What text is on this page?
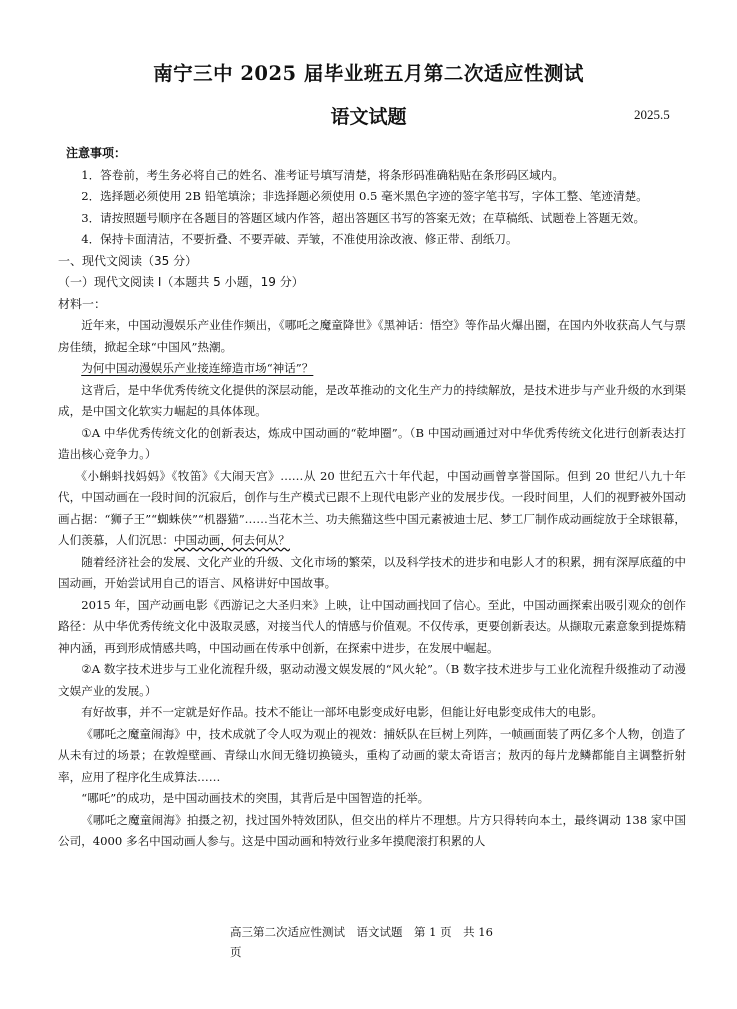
南宁三中 2025 届毕业班五月第二次适应性测试
语文试题	2025.5

注意事项：

1．答卷前，考生务必将自己的姓名、准考证号填写清楚，将条形码准确粘贴在条形码区域内。

2．选择题必须使用 2B 铅笔填涂；非选择题必须使用 0.5 毫米黑色字迹的签字笔书写，字体工整、笔迹清楚。

3．请按照题号顺序在各题目的答题区域内作答，超出答题区书写的答案无效；在草稿纸、试题卷上答题无效。

4．保持卡面清洁，不要折叠、不要弄破、弄皱，不准使用涂改液、修正带、刮纸刀。

一、现代文阅读（35 分）

（一）现代文阅读 I（本题共 5 小题，19 分）

材料一：

近年来，中国动漫娱乐产业佳作频出，《哪吒之魔童降世》《黑神话：悟空》等作品火爆出圈，在国内外收获高人气与票房佳绩，掀起全球“中国风”热潮。

为何中国动漫娱乐产业接连缔造市场“神话”？

这背后，是中华优秀传统文化提供的深层动能，是改革推动的文化生产力的持续解放，是技术进步与产业升级的水到渠成，是中国文化软实力崛起的具体体现。

①A 中华优秀传统文化的创新表达，炼成中国动画的“乾坤圈”。（B 中国动画通过对中华优秀传统文化进行创新表达打造出核心竞争力。）

《小蝌蚪找妈妈》《牧笛》《大闹天宫》……从 20 世纪五六十年代起，中国动画曾享誉国际。但到 20 世纪八九十年代，中国动画在一段时间的沉寂后，创作与生产模式已跟不上现代电影产业的发展步伐。一段时间里，人们的视野被外国动画占据：“狮子王”“蜘蛛侠”“机器猫”……当花木兰、功夫熊猫这些中国元素被迪士尼、梦工厂制作成动画绽放于全球银幕，人们羡慕，人们沉思：中国动画，何去何从？

随着经济社会的发展、文化产业的升级、文化市场的繁荣，以及科学技术的进步和电影人才的积累，拥有深厚底蕴的中国动画，开始尝试用自己的语言、风格讲好中国故事。

2015 年，国产动画电影《西游记之大圣归来》上映，让中国动画找回了信心。至此，中国动画探索出吸引观众的创作路径：从中华优秀传统文化中汲取灵感，对接当代人的情感与价值观。不仅传承，更要创新表达。从撷取元素意象到提炼精神内涵，再到形成情感共鸣，中国动画在传承中创新，在探索中进步，在发展中崛起。

②A 数字技术进步与工业化流程升级，驱动动漫文娱发展的“风火轮”。（B 数字技术进步与工业化流程升级推动了动漫文娱产业的发展。）

有好故事，并不一定就是好作品。技术不能让一部坏电影变成好电影，但能让好电影变成伟大的电影。

《哪吒之魔童闹海》中，技术成就了令人叹为观止的视效：捕妖队在巨树上列阵，一帧画面装了两亿多个人物，创造了从未有过的场景；在敦煌壁画、青绿山水间无缝切换镜头，重构了动画的蒙太奇语言；敖丙的每片龙鳞都能自主调整折射率，应用了程序化生成算法……

“哪吒”的成功，是中国动画技术的突围，其背后是中国智造的托举。

《哪吒之魔童闹海》拍摄之初，找过国外特效团队，但交出的样片不理想。片方只得转向本土，最终调动 138 家中国公司，4000 多名中国动画人参与。这是中国动画和特效行业多年摸爬滚打积累的人

高三第二次适应性测试　语文试题　第 1 页　共 16
页
